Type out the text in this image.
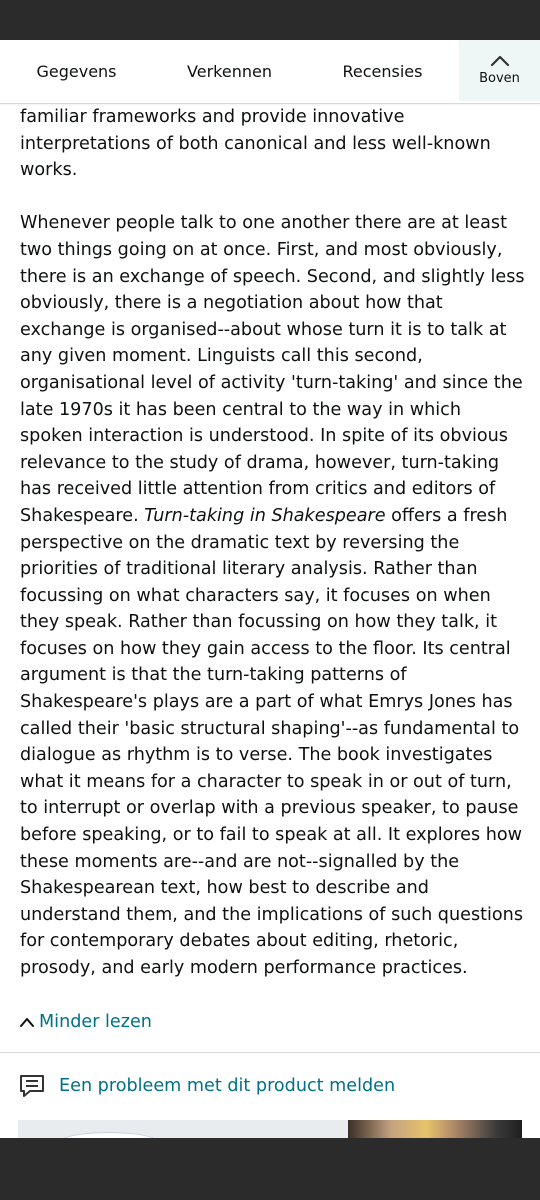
Gegevens	Verkennen	Recensies	Boven

familiar frameworks and provide innovative interpretations of both canonical and less well-known works.

Whenever people talk to one another there are at least two things going on at once. First, and most obviously, there is an exchange of speech. Second, and slightly less obviously, there is a negotiation about how that exchange is organised--about whose turn it is to talk at any given moment. Linguists call this second, organisational level of activity 'turn-taking' and since the late 1970s it has been central to the way in which spoken interaction is understood. In spite of its obvious relevance to the study of drama, however, turn-taking has received little attention from critics and editors of Shakespeare. Turn-taking in Shakespeare offers a fresh perspective on the dramatic text by reversing the priorities of traditional literary analysis. Rather than focussing on what characters say, it focuses on when they speak. Rather than focussing on how they talk, it focuses on how they gain access to the floor. Its central argument is that the turn-taking patterns of Shakespeare's plays are a part of what Emrys Jones has called their 'basic structural shaping'--as fundamental to dialogue as rhythm is to verse. The book investigates what it means for a character to speak in or out of turn, to interrupt or overlap with a previous speaker, to pause before speaking, or to fail to speak at all. It explores how these moments are--and are not--signalled by the Shakespearean text, how best to describe and understand them, and the implications of such questions for contemporary debates about editing, rhetoric, prosody, and early modern performance practices.

Minder lezen
Een probleem met dit product melden
